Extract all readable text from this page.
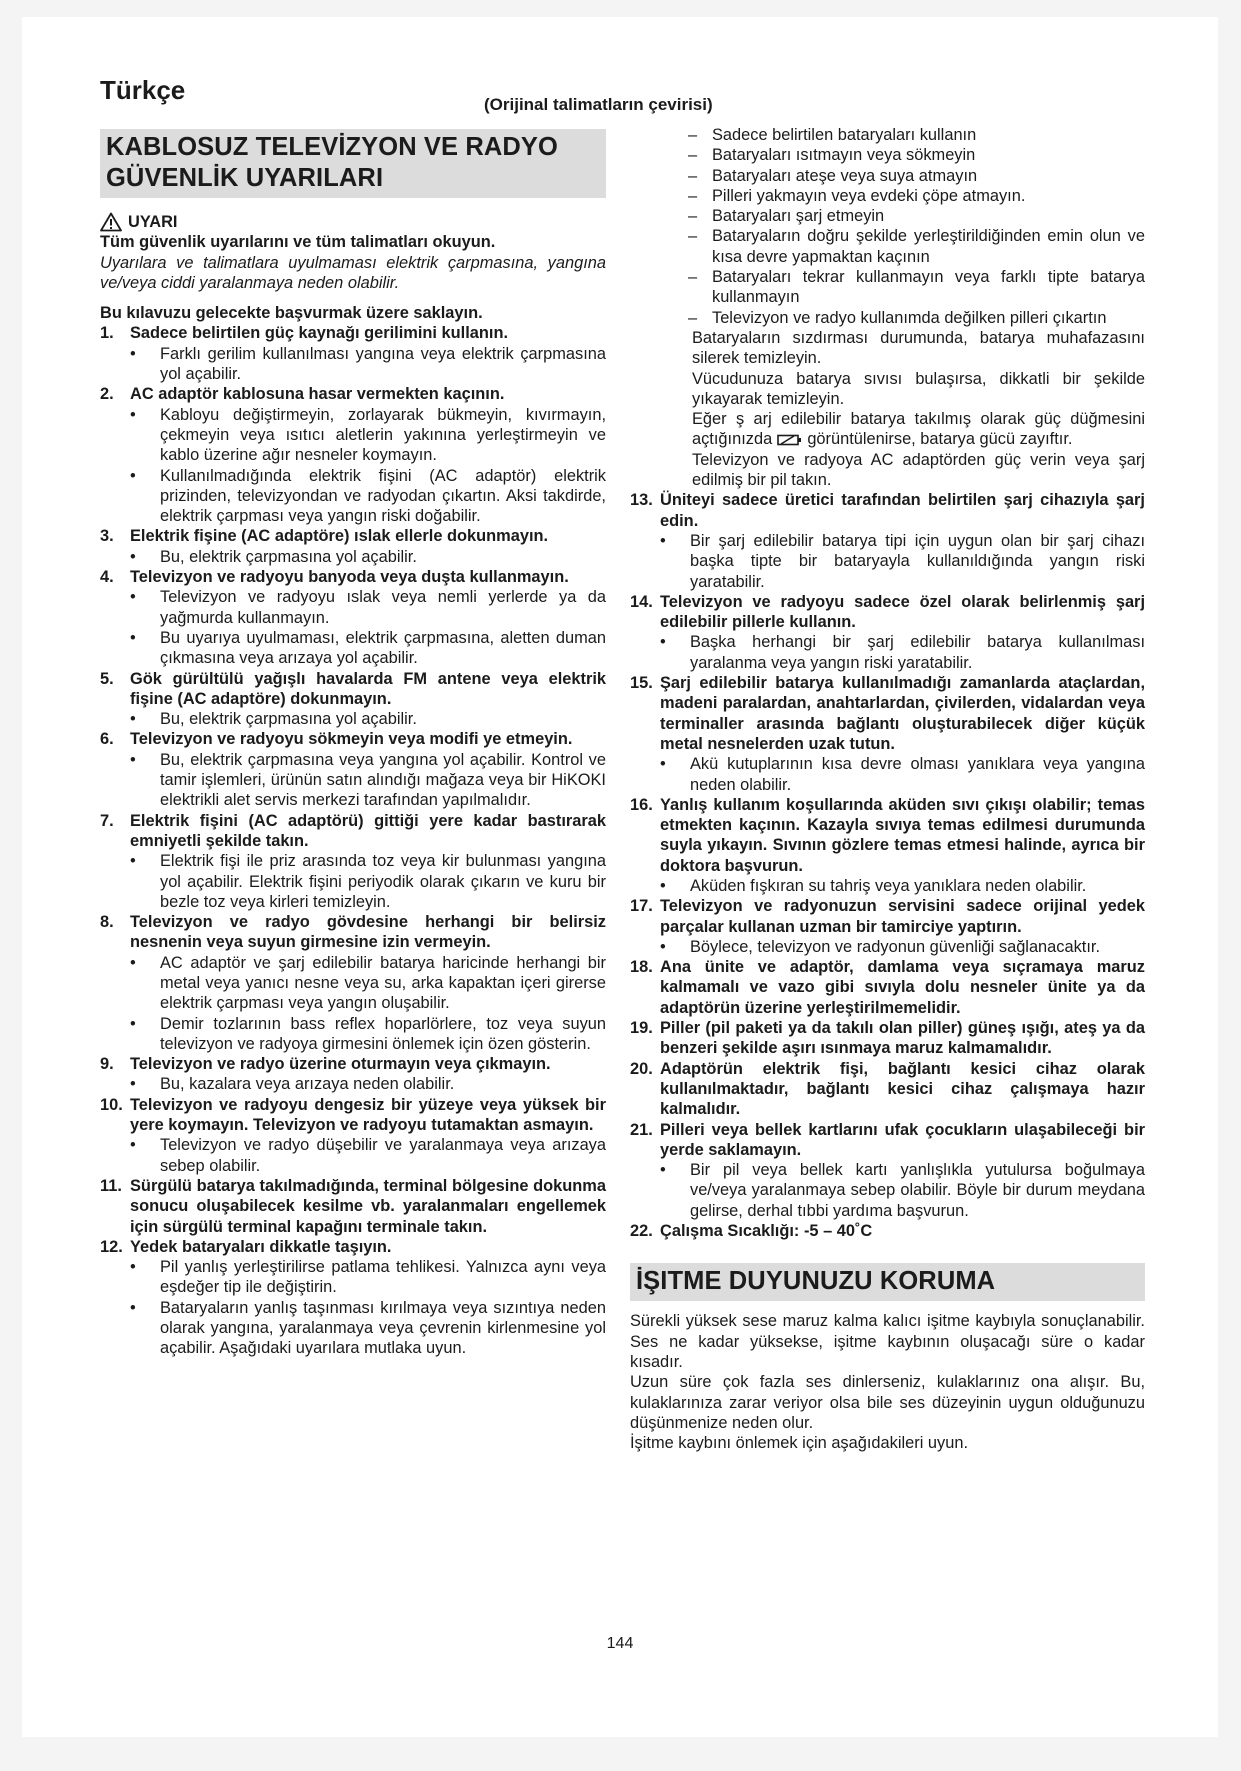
Türkçe	(Orijinal talimatların çevirisi)
KABLOSUZ TELEVİZYON VE RADYO GÜVENLİK UYARILARI
UYARI
Tüm güvenlik uyarılarını ve tüm talimatları okuyun.
Uyarılara ve talimatlara uyulmaması elektrik çarpmasına, yangına ve/veya ciddi yaralanmaya neden olabilir.
Bu kılavuzu gelecekte başvurmak üzere saklayın.
1. Sadece belirtilen güç kaynağı gerilimini kullanın.
•	Farklı gerilim kullanılması yangına veya elektrik çarpmasına yol açabilir.
2. AC adaptör kablosuna hasar vermekten kaçının.
•	Kabloyu değiştirmeyin, zorlayarak bükmeyin, kıvırmayın, çekmeyin veya ısıtıcı aletlerin yakınına yerleştirmeyin ve kablo üzerine ağır nesneler koymayın.
•	Kullanılmadığında elektrik fişini (AC adaptör) elektrik prizinden, televizyondan ve radyodan çıkartın. Aksi takdirde, elektrik çarpması veya yangın riski doğabilir.
3. Elektrik fişine (AC adaptöre) ıslak ellerle dokunmayın.
•	Bu, elektrik çarpmasına yol açabilir.
4. Televizyon ve radyoyu banyoda veya duşta kullanmayın.
•	Televizyon ve radyoyu ıslak veya nemli yerlerde ya da yağmurda kullanmayın.
•	Bu uyarıya uyulmaması, elektrik çarpmasına, aletten duman çıkmasına veya arızaya yol açabilir.
5. Gök gürültülü yağışlı havalarda FM antene veya elektrik fişine (AC adaptöre) dokunmayın.
•	Bu, elektrik çarpmasına yol açabilir.
6. Televizyon ve radyoyu sökmeyin veya modifi ye etmeyin.
•	Bu, elektrik çarpmasına veya yangına yol açabilir. Kontrol ve tamir işlemleri, ürünün satın alındığı mağaza veya bir HiKOKI elektrikli alet servis merkezi tarafından yapılmalıdır.
7. Elektrik fişini (AC adaptörü) gittiği yere kadar bastırarak emniyetli şekilde takın.
•	Elektrik fişi ile priz arasında toz veya kir bulunması yangına yol açabilir. Elektrik fişini periyodik olarak çıkarın ve kuru bir bezle toz veya kirleri temizleyin.
8. Televizyon ve radyo gövdesine herhangi bir belirsiz nesnenin veya suyun girmesine izin vermeyin.
•	AC adaptör ve şarj edilebilir batarya haricinde herhangi bir metal veya yanıcı nesne veya su, arka kapaktan içeri girerse elektrik çarpması veya yangın oluşabilir.
•	Demir tozlarının bass reflex hoparlörlere, toz veya suyun televizyon ve radyoya girmesini önlemek için özen gösterin.
9. Televizyon ve radyo üzerine oturmayın veya çıkmayın.
•	Bu, kazalara veya arızaya neden olabilir.
10. Televizyon ve radyoyu dengesiz bir yüzeye veya yüksek bir yere koymayın. Televizyon ve radyoyu tutamaktan asmayın.
•	Televizyon ve radyo düşebilir ve yaralanmaya veya arızaya sebep olabilir.
11. Sürgülü batarya takılmadığında, terminal bölgesine dokunma sonucu oluşabilecek kesilme vb. yaralanmaları engellemek için sürgülü terminal kapağını terminale takın.
12. Yedek bataryaları dikkatle taşıyın.
•	Pil yanlış yerleştirilirse patlama tehlikesi. Yalnızca aynı veya eşdeğer tip ile değiştirin.
•	Bataryaların yanlış taşınması kırılmaya veya sızıntıya neden olarak yangına, yaralanmaya veya çevrenin kirlenmesine yol açabilir. Aşağıdaki uyarılara mutlaka uyun.
– Sadece belirtilen bataryaları kullanın
– Bataryaları ısıtmayın veya sökmeyin
– Bataryaları ateşe veya suya atmayın
– Pilleri yakmayın veya evdeki çöpe atmayın.
– Bataryaları şarj etmeyin
– Bataryaların doğru şekilde yerleştirildiğinden emin olun ve kısa devre yapmaktan kaçının
– Bataryaları tekrar kullanmayın veya farklı tipte batarya kullanmayın
– Televizyon ve radyo kullanımda değilken pilleri çıkartın
Bataryaların sızdırması durumunda, batarya muhafazasını silerek temizleyin.
Vücudunuza batarya sıvısı bulaşırsa, dikkatli bir şekilde yıkayarak temizleyin.
Eğer ş arj edilebilir batarya takılmış olarak güç düğmesini açtığınızda görüntülenirse, batarya gücü zayıftır.
Televizyon ve radyoya AC adaptörden güç verin veya şarj edilmiş bir pil takın.
13. Üniteyi sadece üretici tarafından belirtilen şarj cihazıyla şarj edin.
•	Bir şarj edilebilir batarya tipi için uygun olan bir şarj cihazı başka tipte bir bataryayla kullanıldığında yangın riski yaratabilir.
14. Televizyon ve radyoyu sadece özel olarak belirlenmiş şarj edilebilir pillerle kullanın.
•	Başka herhangi bir şarj edilebilir batarya kullanılması yaralanma veya yangın riski yaratabilir.
15. Şarj edilebilir batarya kullanılmadığı zamanlarda ataçlardan, madeni paralardan, anahtarlardan, çivilerden, vidalardan veya terminaller arasında bağlantı oluşturabilecek diğer küçük metal nesnelerden uzak tutun.
•	Akü kutuplarının kısa devre olması yanıklara veya yangına neden olabilir.
16. Yanlış kullanım koşullarında aküden sıvı çıkışı olabilir; temas etmekten kaçının. Kazayla sıvıya temas edilmesi durumunda suyla yıkayın. Sıvının gözlere temas etmesi halinde, ayrıca bir doktora başvurun.
•	Aküden fışkıran su tahriş veya yanıklara neden olabilir.
17. Televizyon ve radyonuzun servisini sadece orijinal yedek parçalar kullanan uzman bir tamirciye yaptırın.
•	Böylece, televizyon ve radyonun güvenliği sağlanacaktır.
18. Ana ünite ve adaptör, damlama veya sıçramaya maruz kalmamalı ve vazo gibi sıvıyla dolu nesneler ünite ya da adaptörün üzerine yerleştirilmemelidir.
19. Piller (pil paketi ya da takılı olan piller) güneş ışığı, ateş ya da benzeri şekilde aşırı ısınmaya maruz kalmamalıdır.
20. Adaptörün elektrik fişi, bağlantı kesici cihaz olarak kullanılmaktadır, bağlantı kesici cihaz çalışmaya hazır kalmalıdır.
21. Pilleri veya bellek kartlarını ufak çocukların ulaşabileceği bir yerde saklamayın.
•	Bir pil veya bellek kartı yanlışlıkla yutulursa boğulmaya ve/veya yaralanmaya sebep olabilir. Böyle bir durum meydana gelirse, derhal tıbbi yardıma başvurun.
22. Çalışma Sıcaklığı: -5 – 40˚C
İŞITME DUYUNUZU KORUMA
Sürekli yüksek sese maruz kalma kalıcı işitme kaybıyla sonuçlanabilir. Ses ne kadar yüksekse, işitme kaybının oluşacağı süre o kadar kısadır.
Uzun süre çok fazla ses dinlerseniz, kulaklarınız ona alışır. Bu, kulaklarınıza zarar veriyor olsa bile ses düzeyinin uygun olduğunuzu düşünmenize neden olur.
İşitme kaybını önlemek için aşağıdakileri uyun.
144
